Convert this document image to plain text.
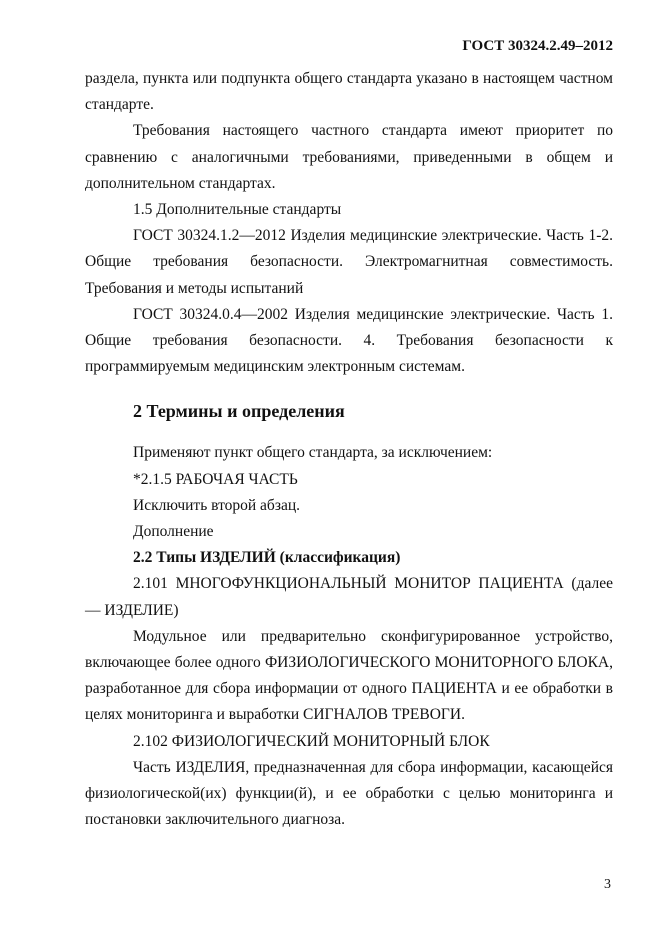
ГОСТ 30324.2.49–2012

раздела, пункта или подпункта общего стандарта указано в настоящем частном стандарте.

Требования настоящего частного стандарта имеют приоритет по сравнению с аналогичными требованиями, приведенными в общем и дополнительном стандартах.

1.5 Дополнительные стандарты

ГОСТ 30324.1.2—2012 Изделия медицинские электрические. Часть 1-2. Общие требования безопасности. Электромагнитная совместимость. Требования и методы испытаний

ГОСТ 30324.0.4—2002 Изделия медицинские электрические. Часть 1. Общие требования безопасности. 4. Требования безопасности к программируемым медицинским электронным системам.

2 Термины и определения

Применяют пункт общего стандарта, за исключением:

*2.1.5 РАБОЧАЯ ЧАСТЬ

Исключить второй абзац.

Дополнение

2.2 Типы ИЗДЕЛИЙ (классификация)

2.101 МНОГОФУНКЦИОНАЛЬНЫЙ МОНИТОР ПАЦИЕНТА (далее — ИЗДЕЛИЕ)

Модульное или предварительно сконфигурированное устройство, включающее более одного ФИЗИОЛОГИЧЕСКОГО МОНИТОРНОГО БЛОКА, разработанное для сбора информации от одного ПАЦИЕНТА и ее обработки в целях мониторинга и выработки СИГНАЛОВ ТРЕВОГИ.

2.102 ФИЗИОЛОГИЧЕСКИЙ МОНИТОРНЫЙ БЛОК

Часть ИЗДЕЛИЯ, предназначенная для сбора информации, касающейся физиологической(их) функции(й), и ее обработки с целью мониторинга и постановки заключительного диагноза.

3
